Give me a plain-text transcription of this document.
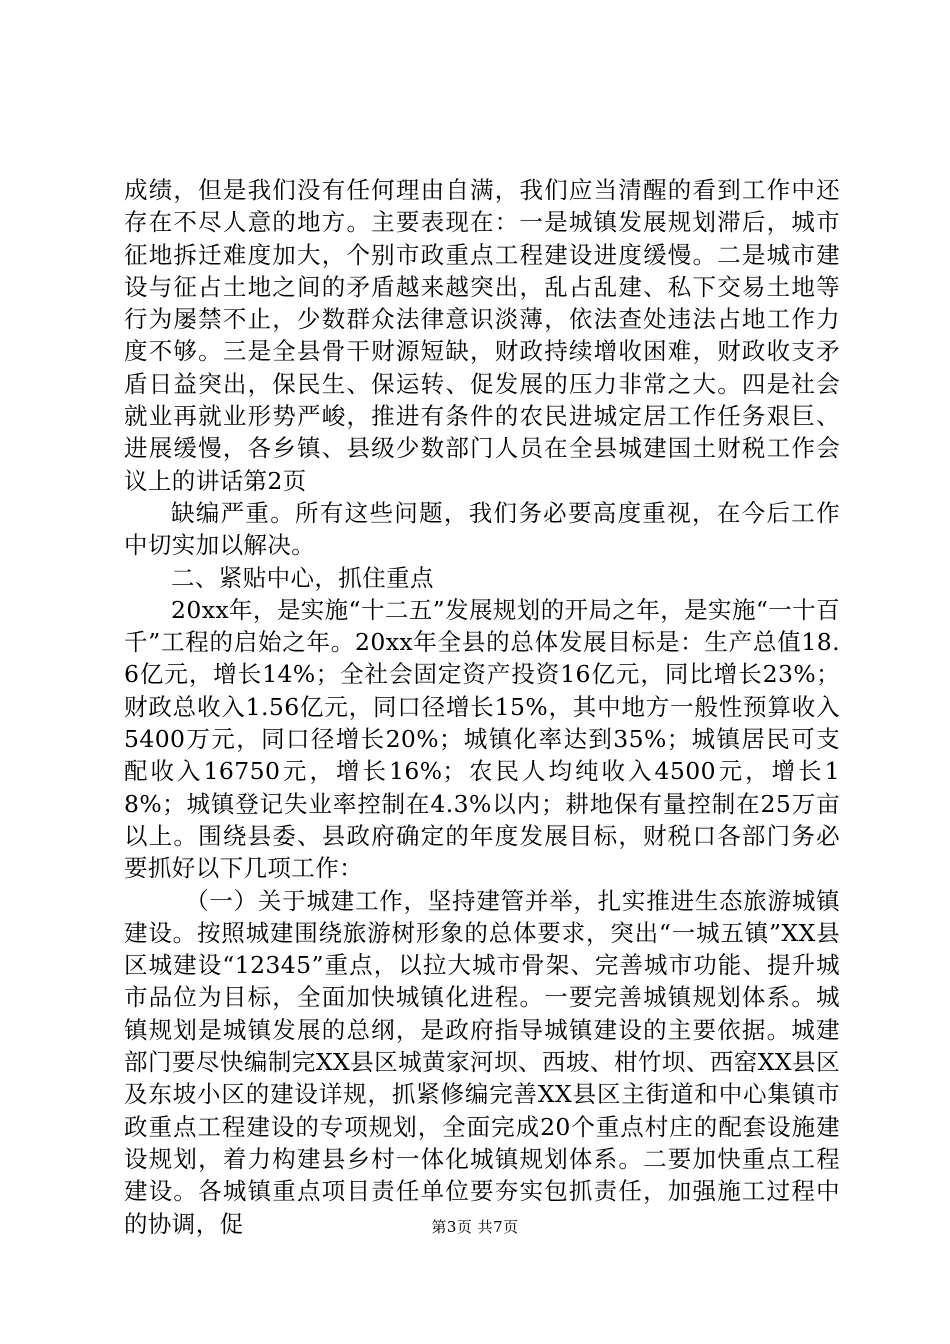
成绩，但是我们没有任何理由自满，我们应当清醒的看到工作中还存在不尽人意的地方。主要表现在：一是城镇发展规划滞后，城市征地拆迁难度加大，个别市政重点工程建设进度缓慢。二是城市建设与征占土地之间的矛盾越来越突出，乱占乱建、私下交易土地等行为屡禁不止，少数群众法律意识淡薄，依法查处违法占地工作力度不够。三是全县骨干财源短缺，财政持续增收困难，财政收支矛盾日益突出，保民生、保运转、促发展的压力非常之大。四是社会就业再就业形势严峻，推进有条件的农民进城定居工作任务艰巨、进展缓慢，各乡镇、县级少数部门人员在全县城建国土财税工作会议上的讲话第2页

缺编严重。所有这些问题，我们务必要高度重视，在今后工作中切实加以解决。

二、紧贴中心，抓住重点

20xx年，是实施“十二五”发展规划的开局之年，是实施“一十百千”工程的启始之年。20xx年全县的总体发展目标是：生产总值18.6亿元，增长14%；全社会固定资产投资16亿元，同比增长23%；财政总收入1.56亿元，同口径增长15%，其中地方一般性预算收入5400万元，同口径增长20%；城镇化率达到35%；城镇居民可支配收入16750元，增长16%；农民人均纯收入4500元，增长18%；城镇登记失业率控制在4.3%以内；耕地保有量控制在25万亩以上。围绕县委、县政府确定的年度发展目标，财税口各部门务必要抓好以下几项工作：

（一）关于城建工作，坚持建管并举，扎实推进生态旅游城镇建设。按照城建围绕旅游树形象的总体要求，突出“一城五镇”XX县区城建设“12345”重点，以拉大城市骨架、完善城市功能、提升城市品位为目标，全面加快城镇化进程。一要完善城镇规划体系。城镇规划是城镇发展的总纲，是政府指导城镇建设的主要依据。城建部门要尽快编制完XX县区城黄家河坝、西坡、柑竹坝、西窑XX县区及东坡小区的建设详规，抓紧修编完善XX县区主街道和中心集镇市政重点工程建设的专项规划，全面完成20个重点村庄的配套设施建设规划，着力构建县乡村一体化城镇规划体系。二要加快重点工程建设。各城镇重点项目责任单位要夯实包抓责任，加强施工过程中的协调，促	第3页 共7页
